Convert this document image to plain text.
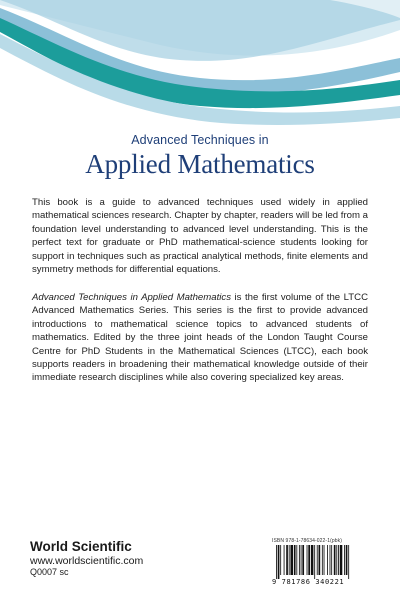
Advanced Techniques in
Applied Mathematics

This book is a guide to advanced techniques used widely in applied mathematical sciences research. Chapter by chapter, readers will be led from a foundation level understanding to advanced level understanding. This is the perfect text for graduate or PhD mathematical-science students looking for support in techniques such as practical analytical methods, finite elements and symmetry methods for differential equations.

Advanced Techniques in Applied Mathematics is the first volume of the LTCC Advanced Mathematics Series. This series is the first to provide advanced introductions to mathematical science topics to advanced students of mathematics. Edited by the three joint heads of the London Taught Course Centre for PhD Students in the Mathematical Sciences (LTCC), each book supports readers in broadening their mathematical knowledge outside of their immediate research disciplines while also covering specialized key areas.

World Scientific
www.worldscientific.com
Q0007 sc
ISBN 978-1-78634-022-1(pbk)
9 781786 340221
